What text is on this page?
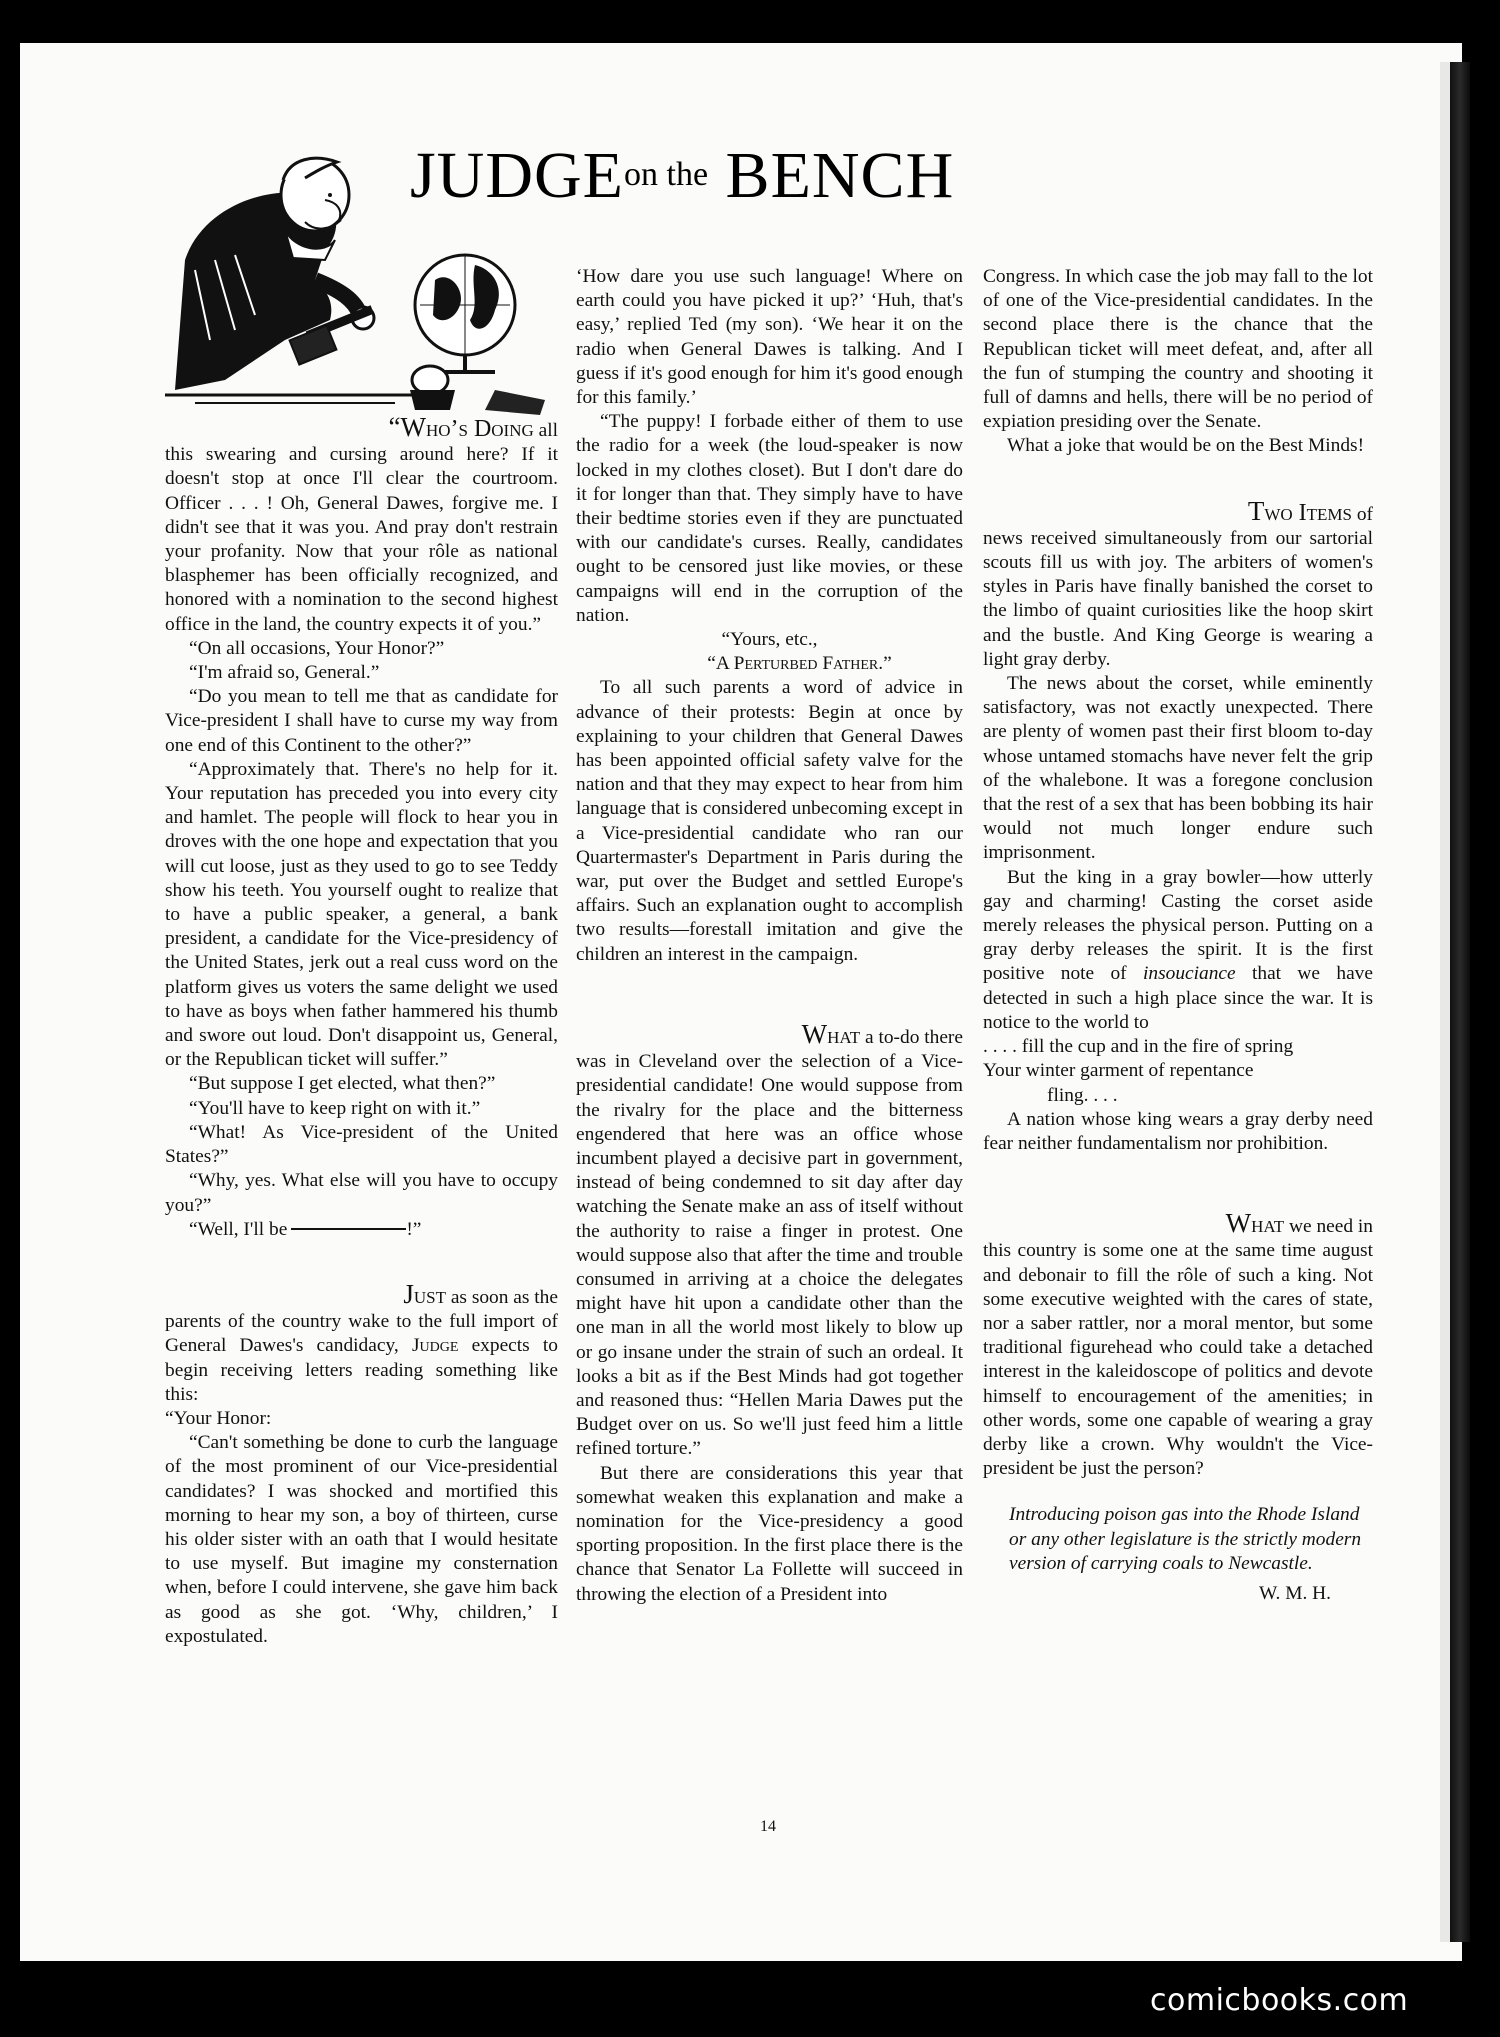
JUDGEon the BENCH

“Who’s Doing all

this swearing and cursing around here? If it doesn't stop at once I'll clear the courtroom. Officer . . . ! Oh, General Dawes, forgive me. I didn't see that it was you. And pray don't restrain your profanity. Now that your rôle as national blasphemer has been officially recognized, and honored with a nomination to the second highest office in the land, the country expects it of you.”

“On all occasions, Your Honor?”

“I'm afraid so, General.”

“Do you mean to tell me that as candidate for Vice-president I shall have to curse my way from one end of this Continent to the other?”

“Approximately that. There's no help for it. Your reputation has preceded you into every city and hamlet. The people will flock to hear you in droves with the one hope and expectation that you will cut loose, just as they used to go to see Teddy show his teeth. You yourself ought to realize that to have a public speaker, a general, a bank president, a candidate for the Vice-presidency of the United States, jerk out a real cuss word on the platform gives us voters the same delight we used to have as boys when father hammered his thumb and swore out loud. Don't disappoint us, General, or the Republican ticket will suffer.”

“But suppose I get elected, what then?”

“You'll have to keep right on with it.”

“What! As Vice-president of the United States?”

“Why, yes. What else will you have to occupy you?”

“Well, I'll be	!”

Just as soon as the

parents of the country wake to the full import of General Dawes's candidacy, Judge expects to begin receiving letters reading something like this:

“Your Honor:

“Can't something be done to curb the language of the most prominent of our Vice-presidential candidates? I was shocked and mortified this morning to hear my son, a boy of thirteen, curse his older sister with an oath that I would hesitate to use myself. But imagine my consternation when, before I could intervene, she gave him back as good as she got. ‘Why, children,’ I expostulated.

‘How dare you use such language! Where on earth could you have picked it up?’ ‘Huh, that's easy,’ replied Ted (my son). ‘We hear it on the radio when General Dawes is talking. And I guess if it's good enough for him it's good enough for this family.’

“The puppy! I forbade either of them to use the radio for a week (the loud-speaker is now locked in my clothes closet). But I don't dare do it for longer than that. They simply have to have their bedtime stories even if they are punctuated with our candidate's curses. Really, candidates ought to be censored just like movies, or these campaigns will end in the corruption of the nation.

“Yours, etc.,

“A Perturbed Father.”

To all such parents a word of advice in advance of their protests: Begin at once by explaining to your children that General Dawes has been appointed official safety valve for the nation and that they may expect to hear from him language that is considered unbecoming except in a Vice-presidential candidate who ran our Quartermaster's Department in Paris during the war, put over the Budget and settled Europe's affairs. Such an explanation ought to accomplish two results—forestall imitation and give the children an interest in the campaign.

What a to-do there

was in Cleveland over the selection of a Vice-presidential candidate! One would suppose from the rivalry for the place and the bitterness engendered that here was an office whose incumbent played a decisive part in government, instead of being condemned to sit day after day watching the Senate make an ass of itself without the authority to raise a finger in protest. One would suppose also that after the time and trouble consumed in arriving at a choice the delegates might have hit upon a candidate other than the one man in all the world most likely to blow up or go insane under the strain of such an ordeal. It looks a bit as if the Best Minds had got together and reasoned thus: “Hellen Maria Dawes put the Budget over on us. So we'll just feed him a little refined torture.”

But there are considerations this year that somewhat weaken this explanation and make a nomination for the Vice-presidency a good sporting proposition. In the first place there is the chance that Senator La Follette will succeed in throwing the election of a President into

Congress. In which case the job may fall to the lot of one of the Vice-presidential candidates. In the second place there is the chance that the Republican ticket will meet defeat, and, after all the fun of stumping the country and shooting it full of damns and hells, there will be no period of expiation presiding over the Senate.

What a joke that would be on the Best Minds!

Two Items of

news received simultaneously from our sartorial scouts fill us with joy. The arbiters of women's styles in Paris have finally banished the corset to the limbo of quaint curiosities like the hoop skirt and the bustle. And King George is wearing a light gray derby.

The news about the corset, while eminently satisfactory, was not exactly unexpected. There are plenty of women past their first bloom to-day whose untamed stomachs have never felt the grip of the whalebone. It was a foregone conclusion that the rest of a sex that has been bobbing its hair would not much longer endure such imprisonment.

But the king in a gray bowler—how utterly gay and charming! Casting the corset aside merely releases the physical person. Putting on a gray derby releases the spirit. It is the first positive note of insouciance that we have detected in such a high place since the war. It is notice to the world to

. . . . fill the cup and in the fire of spring

Your winter garment of repentance

fling. . . .

A nation whose king wears a gray derby need fear neither fundamentalism nor prohibition.

What we need in

this country is some one at the same time august and debonair to fill the rôle of such a king. Not some executive weighted with the cares of state, nor a saber rattler, nor a moral mentor, but some traditional figurehead who could take a detached interest in the kaleidoscope of politics and devote himself to encouragement of the amenities; in other words, some one capable of wearing a gray derby like a crown. Why wouldn't the Vice-president be just the person?

Introducing poison gas into the Rhode Island or any other legislature is the strictly modern version of carrying coals to Newcastle.

W. M. H.

14
comicbooks.com
